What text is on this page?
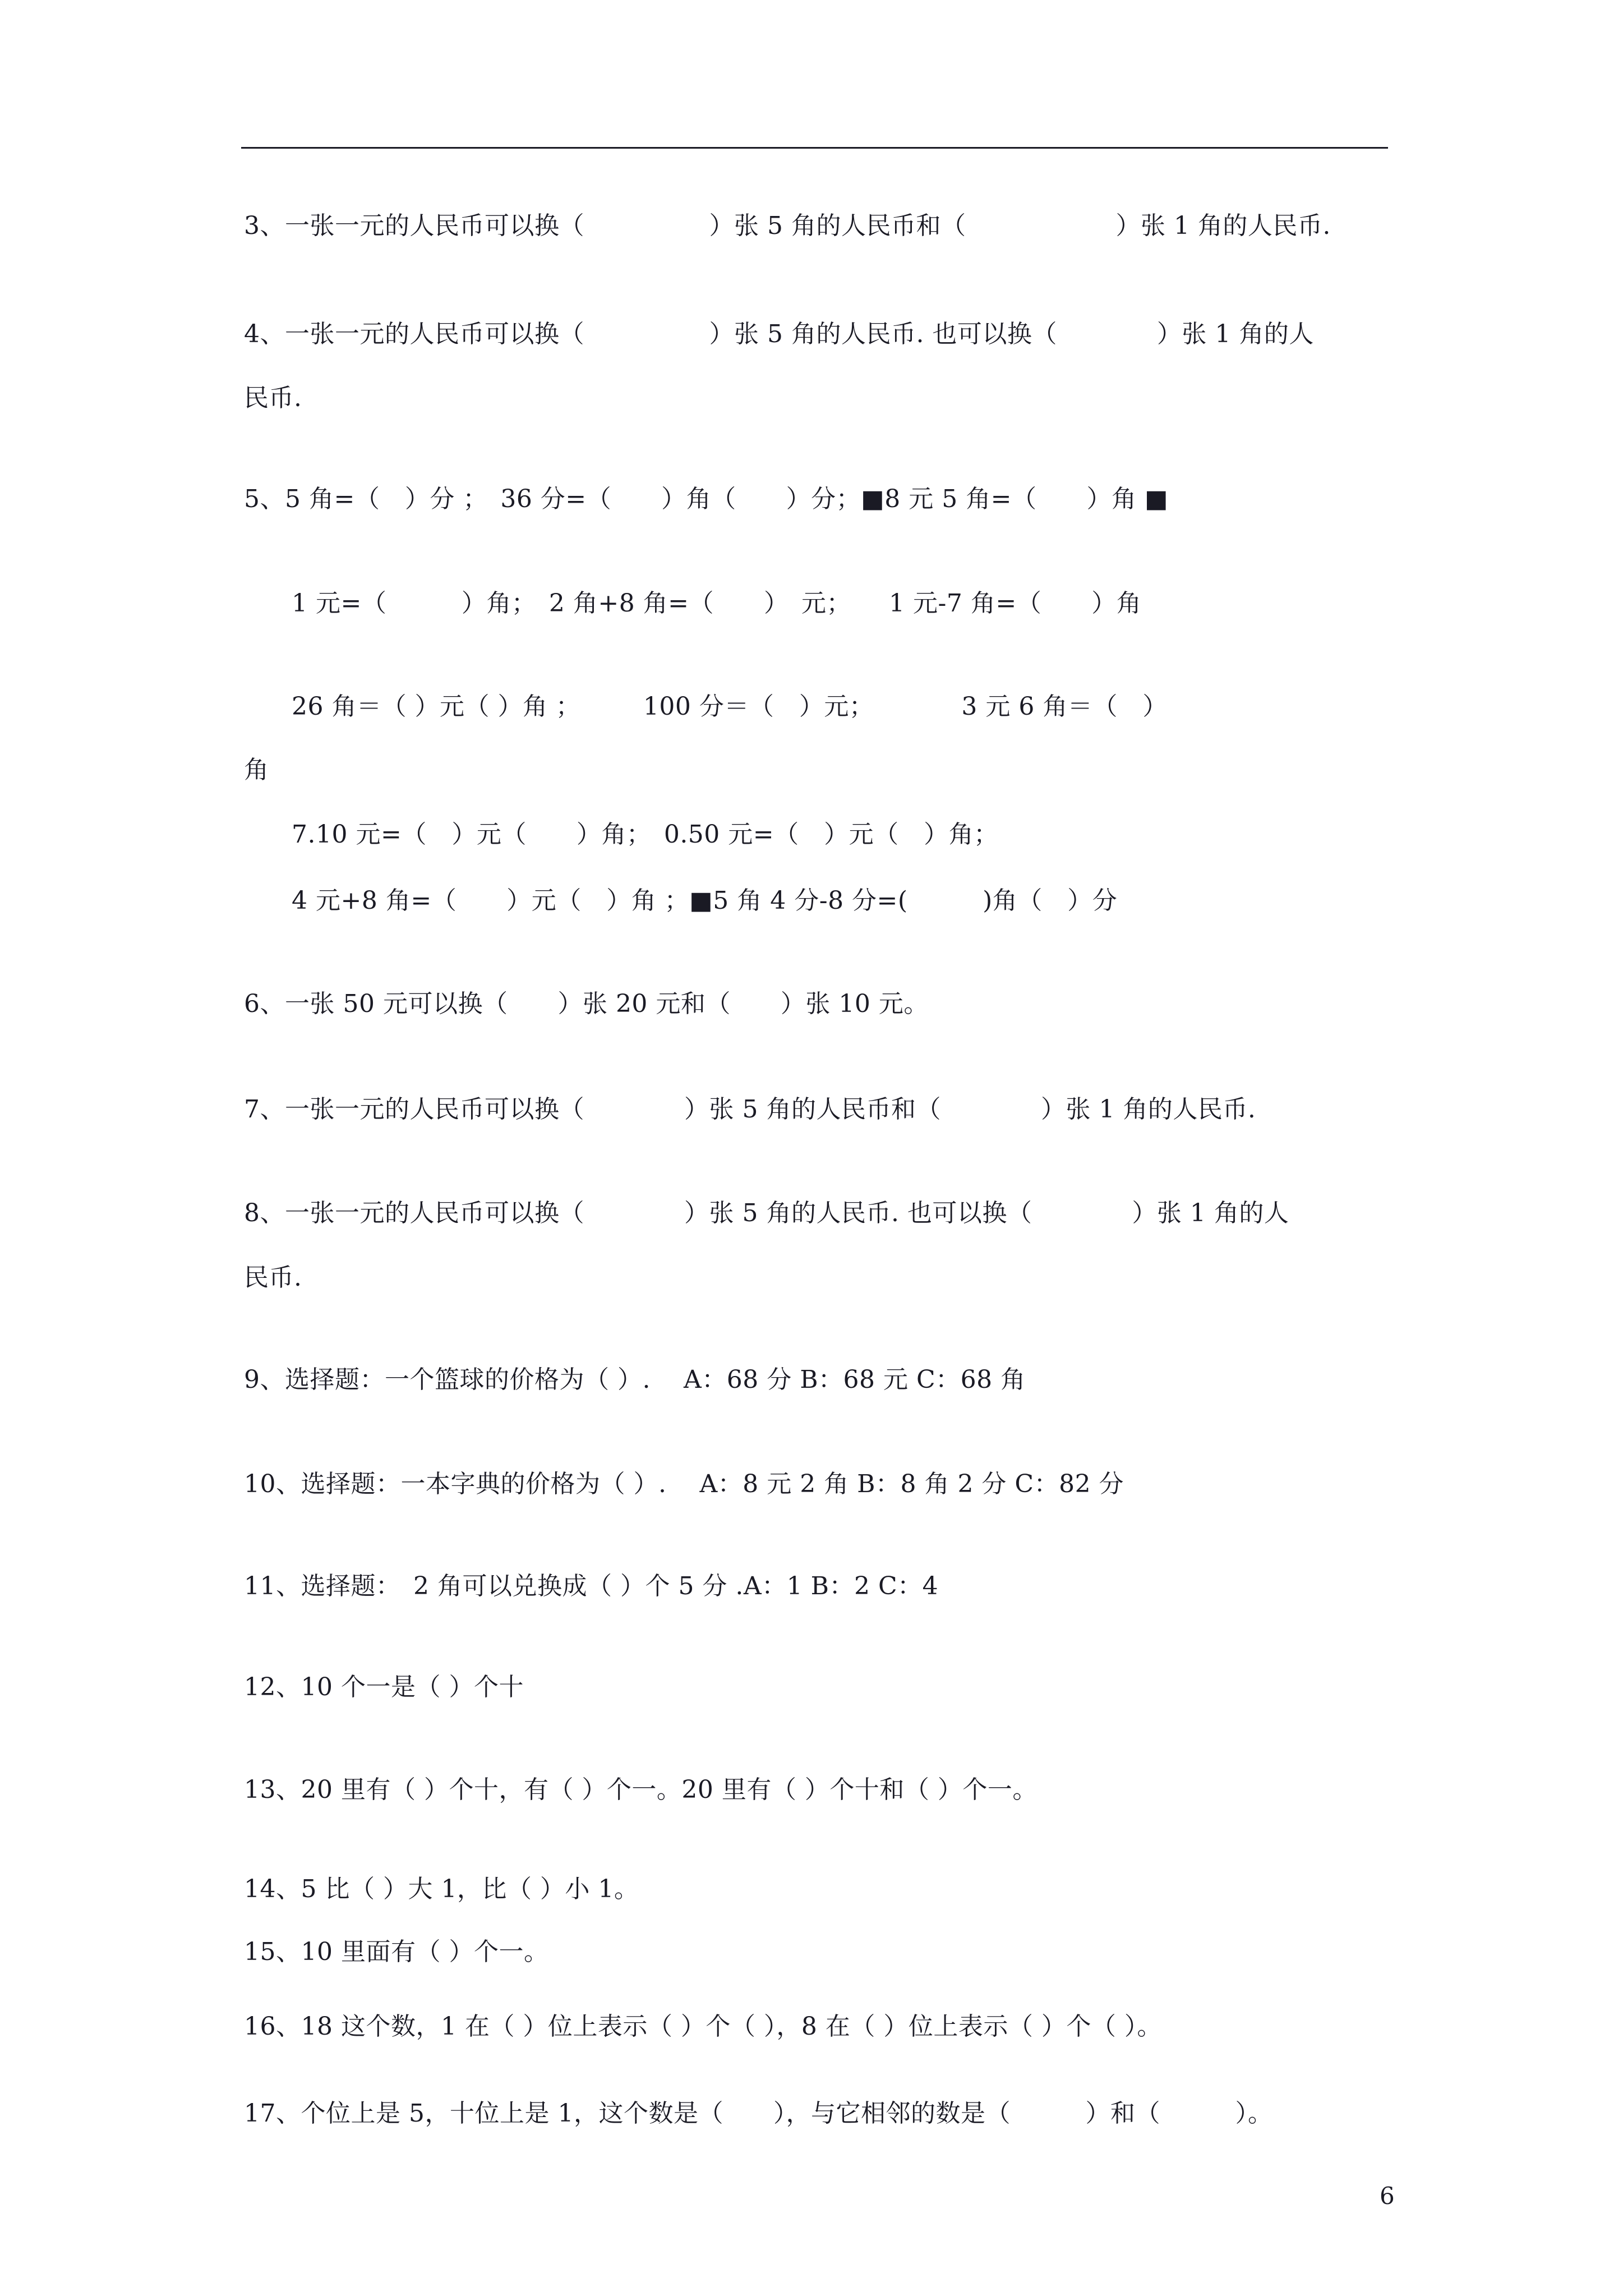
3、一张一元的人民币可以换（　　　　　）张 5 角的人民币和（　　　　　　）张 1 角的人民币.
4、一张一元的人民币可以换（　　　　　）张 5 角的人民币. 也可以换（　　　　）张 1 角的人
民币.
5、5 角=（　）分 ；　36 分=（　　）角（　　）分；■8 元 5 角=（　　）角 ■
1 元=（　　　）角；　2 角+8 角=（　　）　元；　　1 元-7 角=（　　）角
26 角＝（ ）元（ ）角 ；　　　100 分＝（　）元；　　　　3 元 6 角＝（　）
角
7.10 元=（　）元（　　）角；　0.50 元=（　）元（　）角；
4 元+8 角=（　　）元（　）角 ；■5 角 4 分-8 分=(　　　)角（　）分
6、一张 50 元可以换（　　）张 20 元和（　　）张 10 元。
7、一张一元的人民币可以换（　　　　）张 5 角的人民币和（　　　　）张 1 角的人民币.
8、一张一元的人民币可以换（　　　　）张 5 角的人民币. 也可以换（　　　　）张 1 角的人
民币.
9、选择题：一个篮球的价格为（ ）.　 A：68 分 B：68 元 C：68 角
10、选择题：一本字典的价格为（ ）.　 A：8 元 2 角 B：8 角 2 分 C：82 分
11、选择题：　2 角可以兑换成（ ）个 5 分 .A：1 B：2 C：4
12、10 个一是（ ）个十
13、20 里有（ ）个十，有（ ）个一。20 里有（ ）个十和（ ）个一。
14、5 比（ ）大 1，比（ ）小 1。
15、10 里面有（ ）个一。
16、18 这个数，1 在（ ）位上表示（ ）个（ ），8 在（ ）位上表示（ ）个（ ）。
17、个位上是 5，十位上是 1，这个数是（　　），与它相邻的数是（　　　）和（　　　）。
6
